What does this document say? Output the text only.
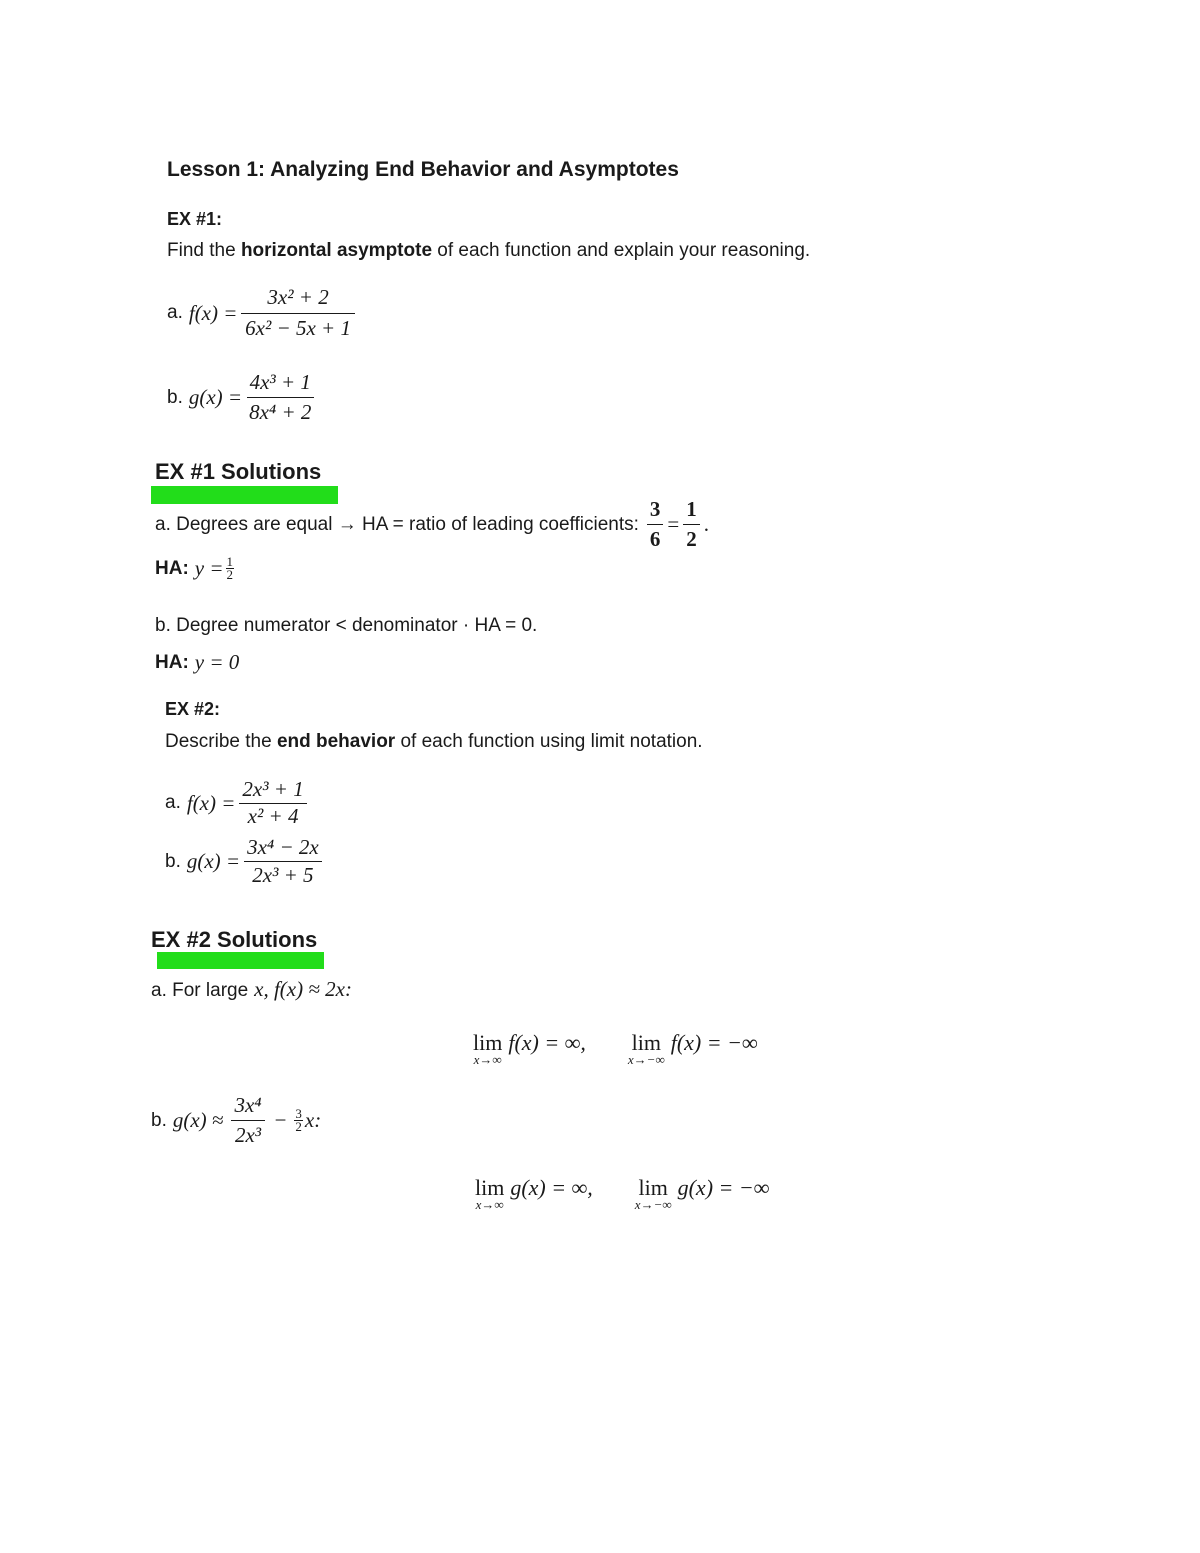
Lesson 1: Analyzing End Behavior and Asymptotes
EX #1:
Find the horizontal asymptote of each function and explain your reasoning.
a. $f(x) = \frac{\text{3x² + 2}}{\text{6x² − 5x + 1}}$
b. $g(x) = \frac{\text{4x³ + 1}}{\text{8x⁴ + 2}}$
EX #1 Solutions
a. Degrees are equal → HA = ratio of leading coefficients: $\frac{3}{6} = \frac{1}{2}$ .
HA: $y = \frac{1}{2}$
b. Degree numerator < denominator · HA = 0.
HA: y = 0
EX #2:
Describe the end behavior of each function using limit notation.
a. $f(x) = \frac{\text{2x³ + 1}}{\text{x² + 4}}$
b. $g(x) = \frac{\text{3x⁴ − 2x}}{\text{2x³ + 5}}$
EX #2 Solutions
a. For large x, f(x) ≈ 2x:
lim
x→∞
f(x) = ∞, lim
x→−∞
f(x) = −∞
b. $g(x) \approx \frac{\text{3x⁴}}{\text{2x³}} - \frac{3}{2} x$:
lim
x→∞
g(x) = ∞, lim
x→−∞
g(x) = −∞
